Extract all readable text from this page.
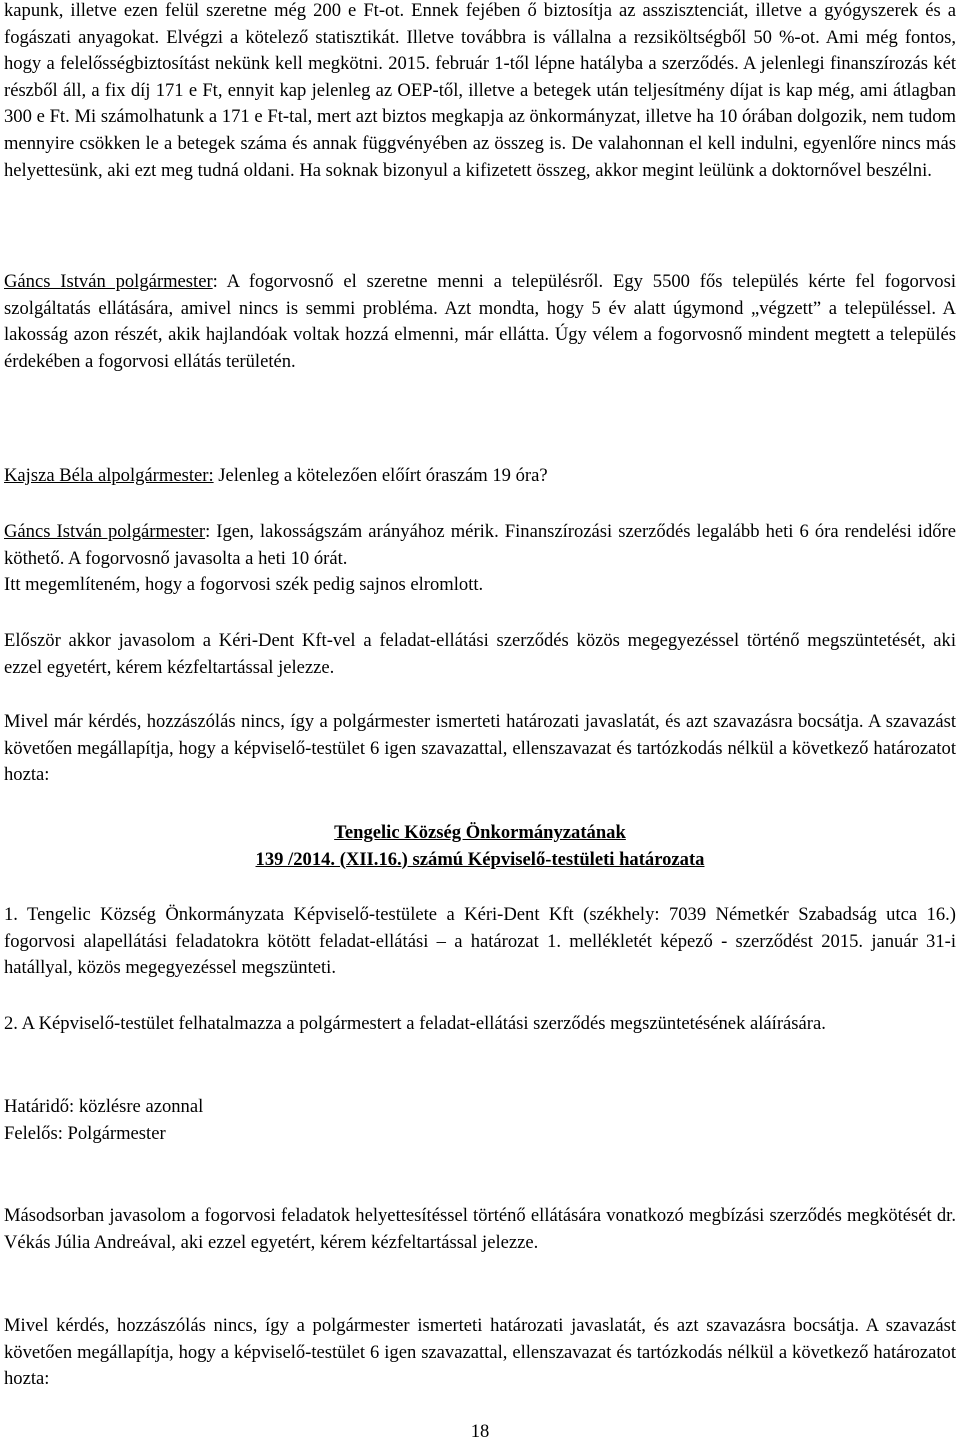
kapunk, illetve ezen felül szeretne még 200 e Ft-ot. Ennek fejében ő biztosítja az asszisztenciát, illetve a gyógyszerek és a fogászati anyagokat. Elvégzi a kötelező statisztikát. Illetve továbbra is vállalna a rezsiköltségből 50 %-ot. Ami még fontos, hogy a felelősségbiztosítást nekünk kell megkötni. 2015. február 1-től lépne hatályba a szerződés. A jelenlegi finanszírozás két részből áll, a fix díj 171 e Ft, ennyit kap jelenleg az OEP-től, illetve a betegek után teljesítmény díjat is kap még, ami átlagban 300 e Ft. Mi számolhatunk a 171 e Ft-tal, mert azt biztos megkapja az önkormányzat, illetve ha 10 órában dolgozik, nem tudom mennyire csökken le a betegek száma és annak függvényében az összeg is. De valahonnan el kell indulni, egyenlőre nincs más helyettesünk, aki ezt meg tudná oldani. Ha soknak bizonyul a kifizetett összeg, akkor megint leülünk a doktornővel beszélni.

Gáncs István polgármester: A fogorvosnő el szeretne menni a településről. Egy 5500 fős település kérte fel fogorvosi szolgáltatás ellátására, amivel nincs is semmi probléma. Azt mondta, hogy 5 év alatt úgymond „végzett” a településsel. A lakosság azon részét, akik hajlandóak voltak hozzá elmenni, már ellátta. Úgy vélem a fogorvosnő mindent megtett a település érdekében a fogorvosi ellátás területén.

Kajsza Béla alpolgármester: Jelenleg a kötelezően előírt óraszám 19 óra?

Gáncs István polgármester: Igen, lakosságszám arányához mérik. Finanszírozási szerződés legalább heti 6 óra rendelési időre köthető. A fogorvosnő javasolta a heti 10 órát.
Itt megemlíteném, hogy a fogorvosi szék pedig sajnos elromlott.

Először akkor javasolom a Kéri-Dent Kft-vel a feladat-ellátási szerződés közös megegyezéssel történő megszüntetését, aki ezzel egyetért, kérem kézfeltartással jelezze.

Mivel már kérdés, hozzászólás nincs, így a polgármester ismerteti határozati javaslatát, és azt szavazásra bocsátja. A szavazást követően megállapítja, hogy a képviselő-testület 6 igen szavazattal, ellenszavazat és tartózkodás nélkül a következő határozatot hozta:

Tengelic Község Önkormányzatának
139 /2014. (XII.16.) számú Képviselő-testületi határozata

1. Tengelic Község Önkormányzata Képviselő-testülete a Kéri-Dent Kft (székhely: 7039 Németkér Szabadság utca 16.) fogorvosi alapellátási feladatokra kötött feladat-ellátási – a határozat 1. mellékletét képező - szerződést 2015. január 31-i hatállyal, közös megegyezéssel megszünteti.

2. A Képviselő-testület felhatalmazza a polgármestert a feladat-ellátási szerződés megszüntetésének aláírására.

Határidő: közlésre azonnal
Felelős: Polgármester

Másodsorban javasolom a fogorvosi feladatok helyettesítéssel történő ellátására vonatkozó megbízási szerződés megkötését dr. Vékás Júlia Andreával, aki ezzel egyetért, kérem kézfeltartással jelezze.

Mivel kérdés, hozzászólás nincs, így a polgármester ismerteti határozati javaslatát, és azt szavazásra bocsátja. A szavazást követően megállapítja, hogy a képviselő-testület 6 igen szavazattal, ellenszavazat és tartózkodás nélkül a következő határozatot hozta:

18
